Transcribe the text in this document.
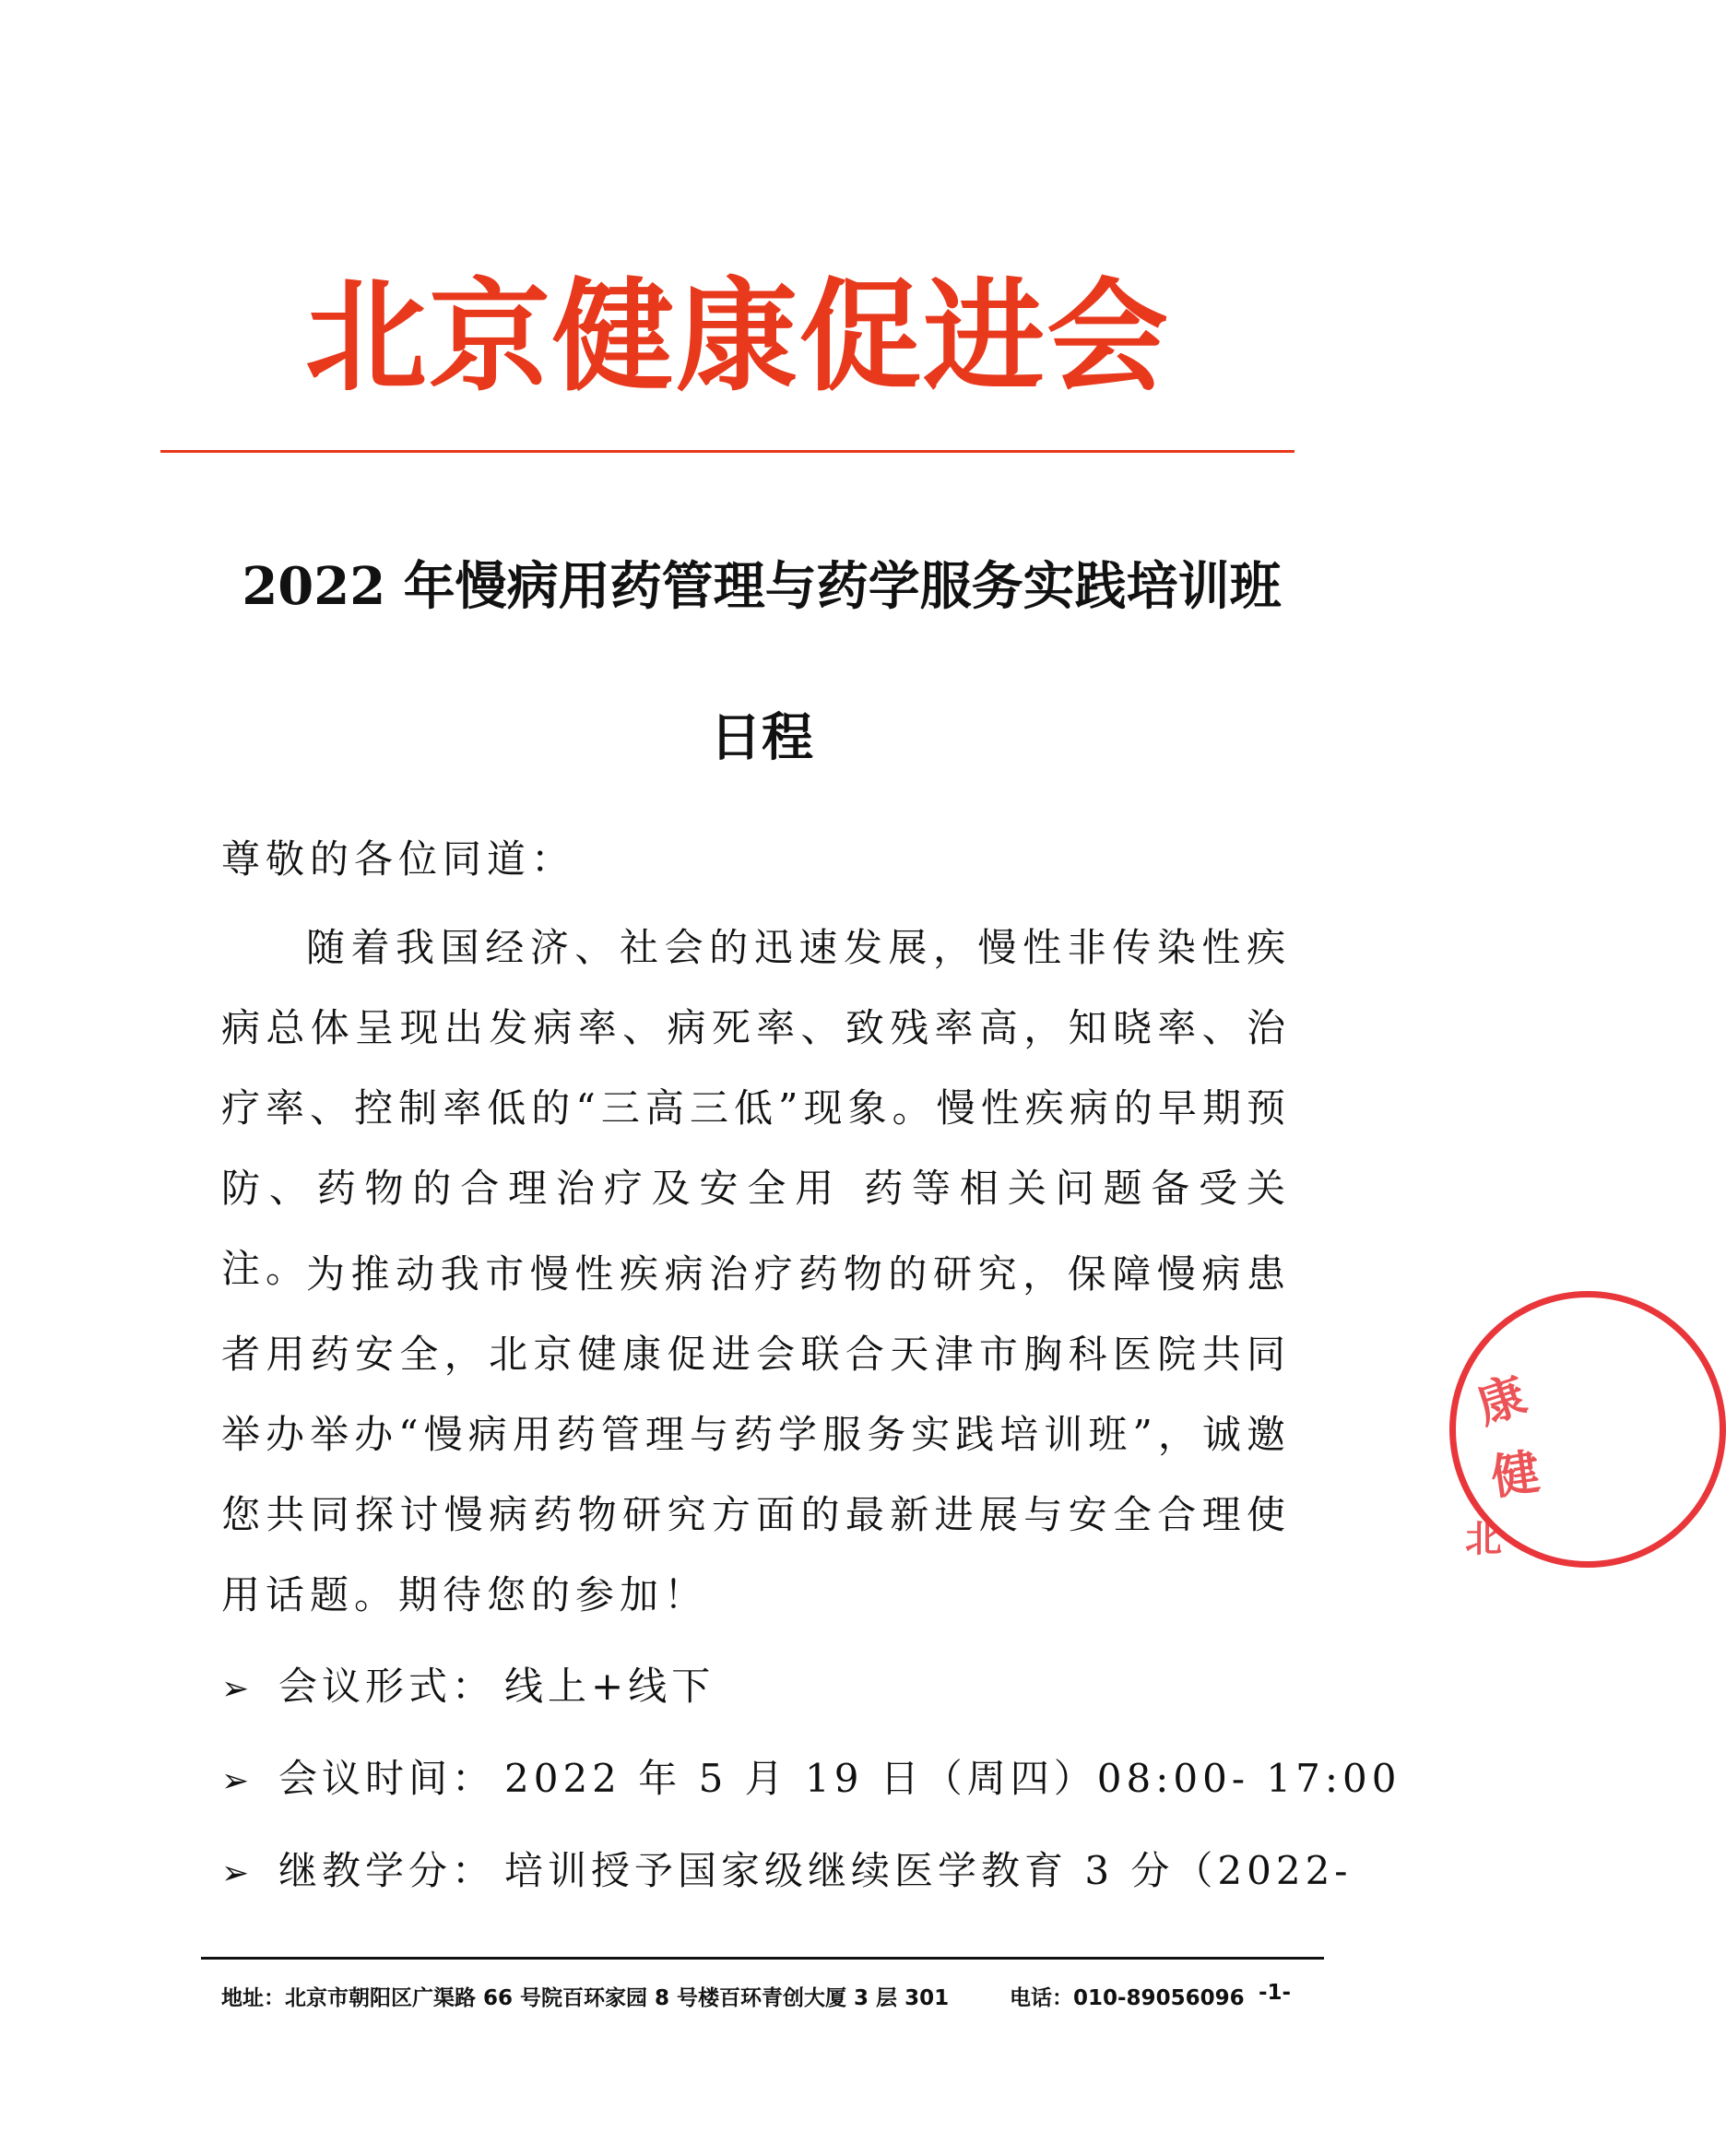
北京健康促进会
2022 年慢病用药管理与药学服务实践培训班
日程

尊敬的各位同道：

随着我国经济、社会的迅速发展，慢性非传染性疾病总体呈现出发病率、病死率、致残率高，知晓率、治疗率、控制率低的“三高三低”现象。慢性疾病的早期预防、药物的合理治疗及安全用 药等相关问题备受关注。

为推动我市慢性疾病治疗药物的研究，保障慢病患者用药安全，北京健康促进会联合天津市胸科医院共同举办举办“慢病用药管理与药学服务实践培训班”，诚邀您共同探讨慢病药物研究方面的最新进展与安全合理使用话题。期待您的参加！

➢ 会议形式： 线上+线下
➢ 会议时间： 2022 年 5 月 19 日（周四）08:00- 17:00
➢ 继教学分： 培训授予国家级继续医学教育 3 分（2022-
地址：北京市朝阳区广渠路 66 号院百环家园 8 号楼百环青创大厦 3 层 301	电话：010-89056096 -1-
康
健
北
